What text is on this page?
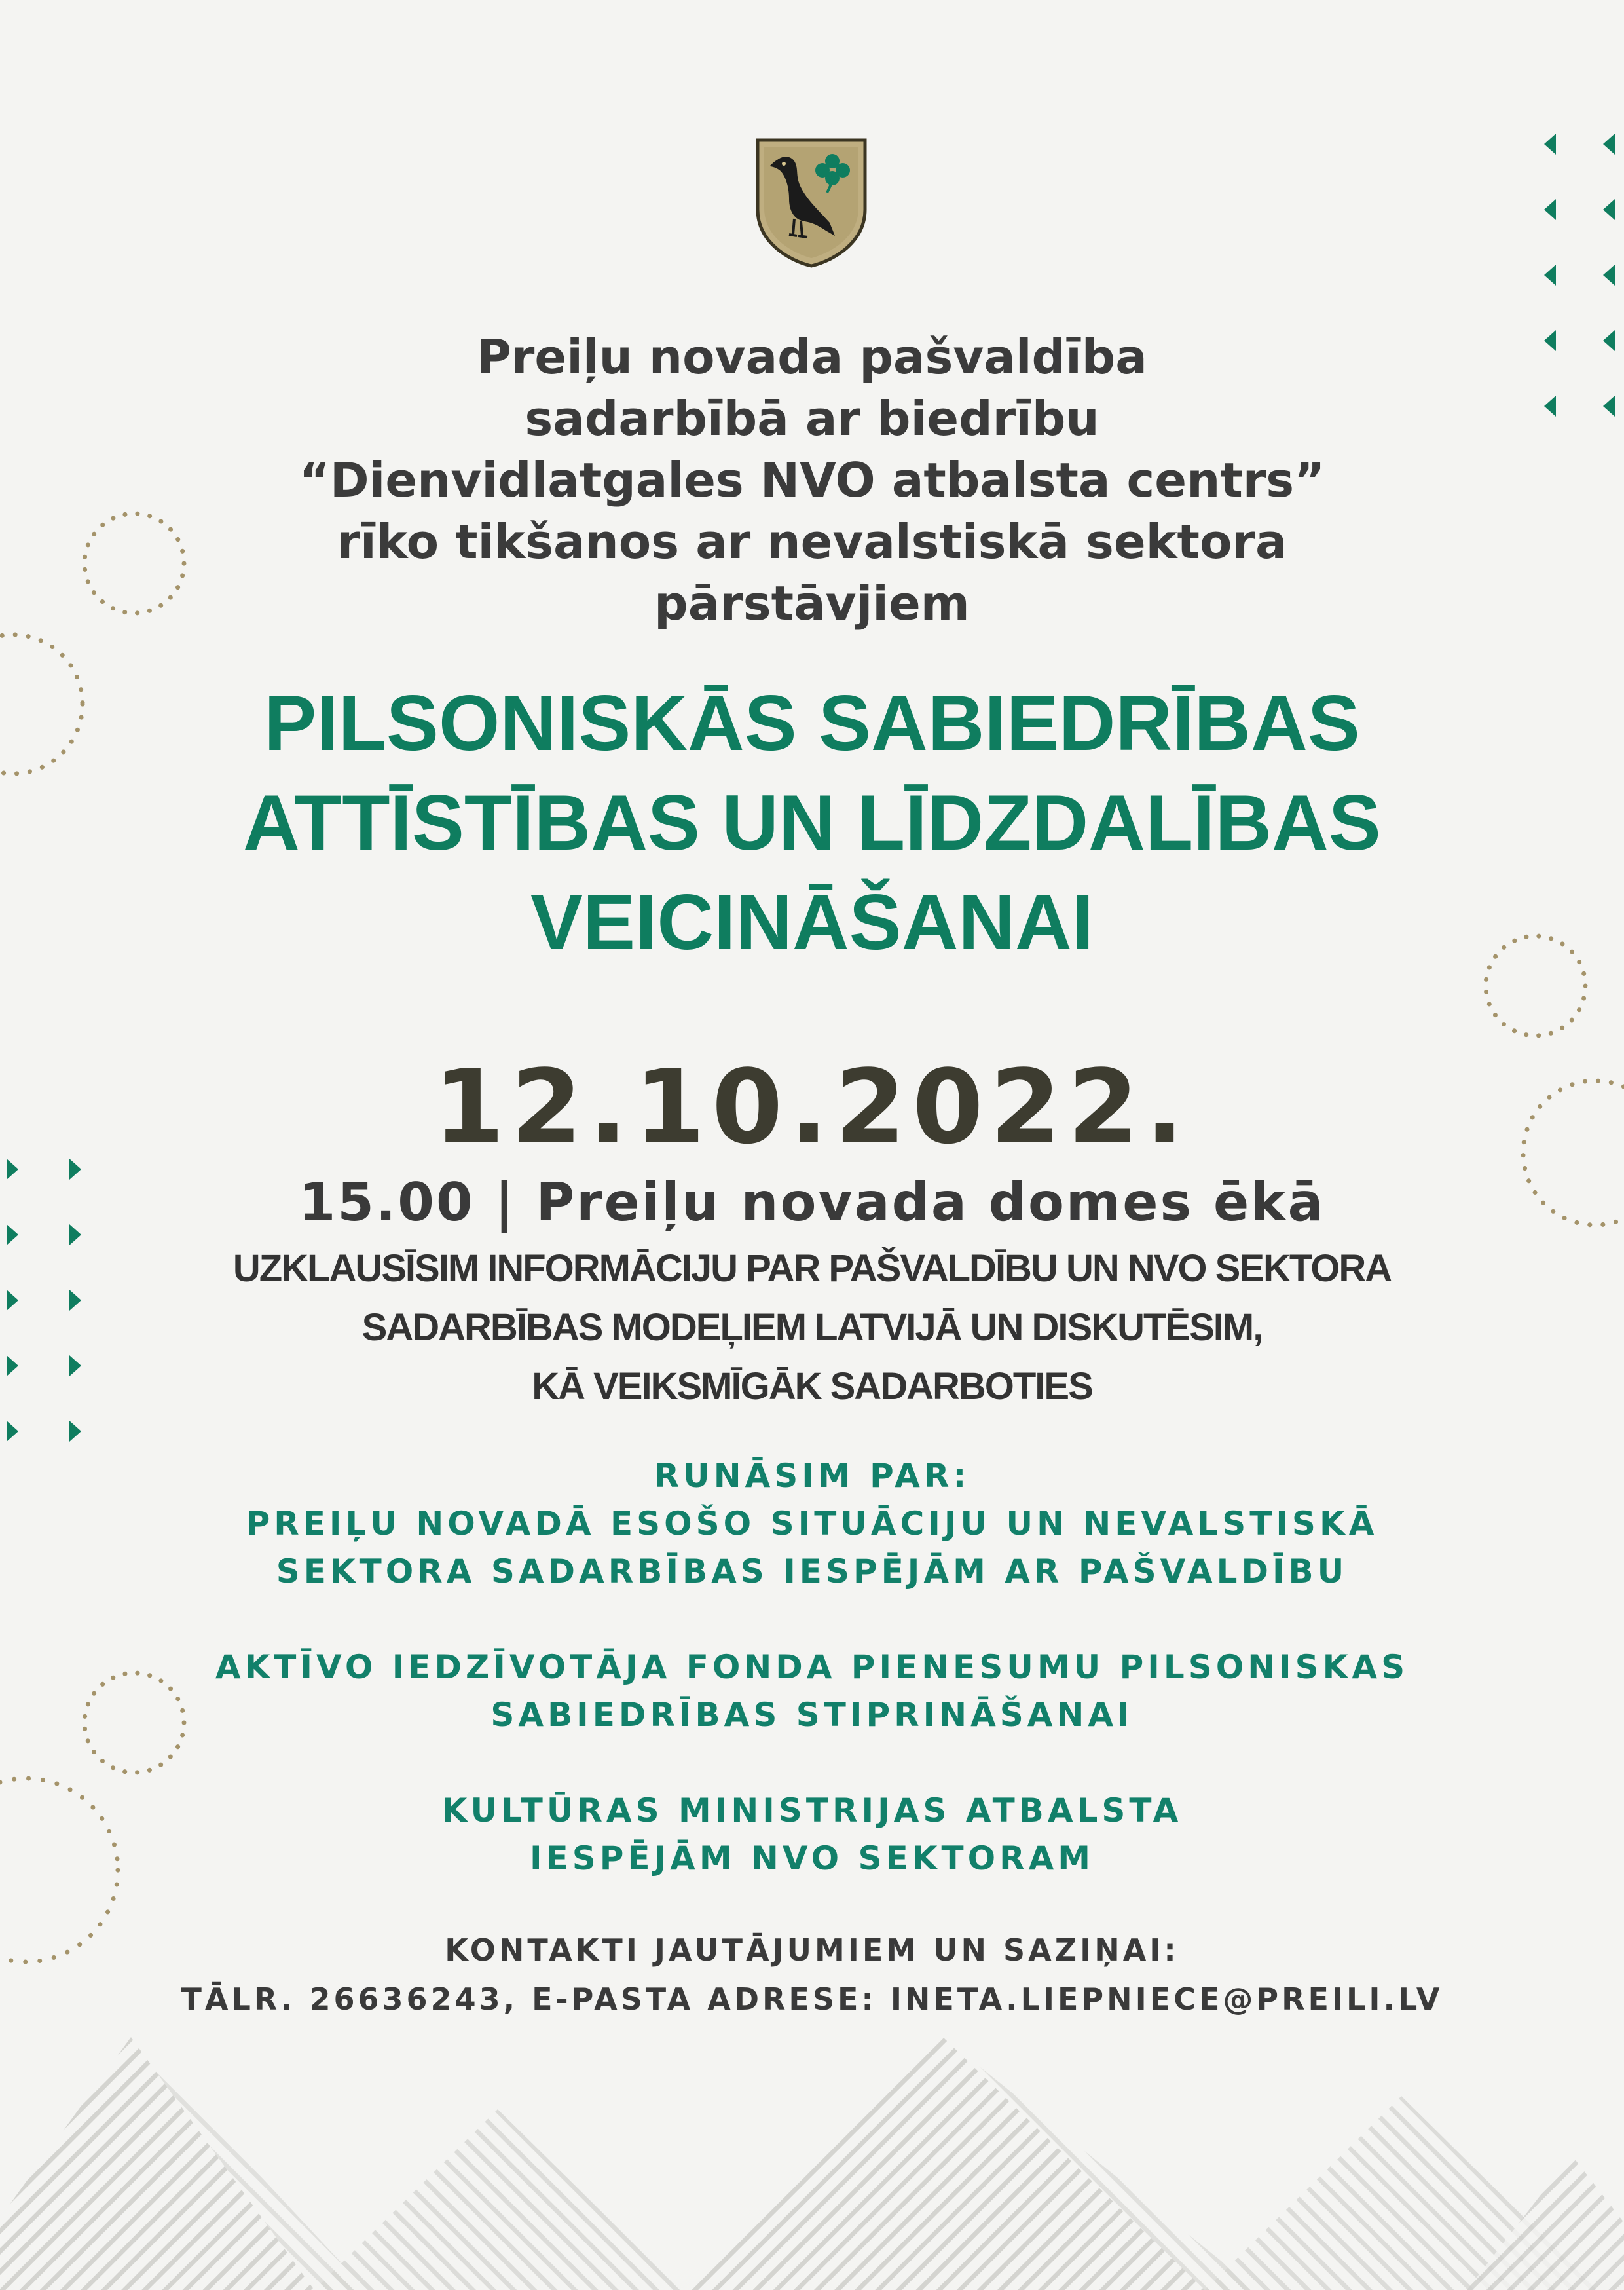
Preiļu novada pašvaldība
sadarbībā ar biedrību
“Dienvidlatgales NVO atbalsta centrs”
rīko tikšanos ar nevalstiskā sektora
pārstāvjiem
PILSONISKĀS SABIEDRĪBAS
ATTĪSTĪBAS UN LĪDZDALĪBAS
VEICINĀŠANAI
12.10.2022.
15.00 | Preiļu novada domes ēkā
UZKLAUSĪSIM INFORMĀCIJU PAR PAŠVALDĪBU UN NVO SEKTORA
SADARBĪBAS MODEĻIEM LATVIJĀ UN DISKUTĒSIM,
KĀ VEIKSMĪGĀK SADARBOTIES
RUNĀSIM PAR:
PREIĻU NOVADĀ ESOŠO SITUĀCIJU UN NEVALSTISKĀ
SEKTORA SADARBĪBAS IESPĒJĀM AR PAŠVALDĪBU
AKTĪVO IEDZĪVOTĀJA FONDA PIENESUMU PILSONISKAS
SABIEDRĪBAS STIPRINĀŠANAI
KULTŪRAS MINISTRIJAS ATBALSTA
IESPĒJĀM NVO SEKTORAM
KONTAKTI JAUTĀJUMIEM UN SAZIŅAI:
TĀLR. 26636243, E-PASTA ADRESE: INETA.LIEPNIECE@PREILI.LV
